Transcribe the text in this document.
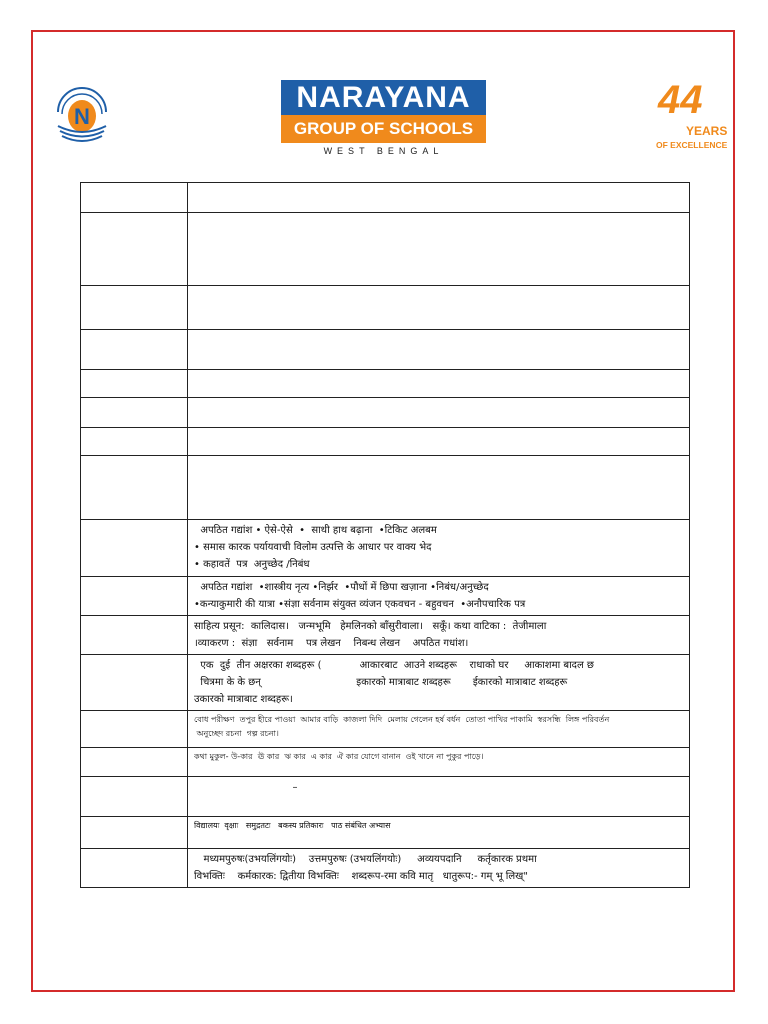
N
NARAYANA
GROUP OF SCHOOLS
WEST BENGAL
44
YEARS
OF EXCELLENCE

	अपठित गद्यांश • ऐसे-ऐसे  •  साथी हाथ बढ़ाना  •टिकिट अलबम
• समास कारक पर्यायवाची विलोम उत्पत्ति के आधार पर वाक्य भेद
• कहावतें  पत्र  अनुच्छेद /निबंध

	अपठित गद्यांश  •शास्त्रीय नृत्य •निर्झर  •पौधों में छिपा खज़ाना •निबंध/अनुच्छेद
•कन्याकुमारी की यात्रा •संज्ञा सर्वनाम संयुक्त व्यंजन एकवचन - बहुवचन  •अनौपचारिक पत्र

	साहित्य प्रसून:  कालिदास।   जन्मभूमि   हेमलिनको बाँसुरीवाला।   सकूँ। कथा वाटिका :  तेजीमाला
।व्याकरण :  संज्ञा   सर्वनाम    पत्र लेखन    निबन्ध लेखन    अपठित गधांश।

	एक  दुई  तीन अक्षरका शब्दहरू (            आकारबाट  आउने शब्दहरू    राधाको घर     आकाशमा बादल छ
चित्रमा के के छन्                              इकारको मात्राबाट शब्दहरू       ईकारको मात्राबाट शब्दहरू
उकारको मात्राबाट शब्दहरू।

	বোধ পরীক্ষণ  তপুর হীরে পাওয়া  আমার বাড়ি  কাজলা দিদি  মেলায় গেলেন হর্ষ বর্ধন  তোতা পাখির পাকামি  স্বরসন্ধি  লিঙ্গ পরিবর্তন
অনুচ্ছেদ রচনা  গল্প রচনা।

	কথা মুকুল- উ-কার  ঊ কার  ঋ কার  এ কার  ঐ কার যোগে বানান  ওই খানে না পুকুর পাড়ে।

	–

	विद्यालयः  वृक्षाः   समुद्रतटः   बकस्य प्रतिकारः   पाठ संबंधित अभ्यास

	मध्यमपुरुषः(उभयलिंगयोः)    उत्तमपुरुषः (उभयलिंगयोः)     अव्ययपदानि     कर्तृकारक प्रथमा
विभक्तिः    कर्मकारक: द्वितीया विभक्तिः    शब्दरूप-रमा कवि मातृ   धातुरूप:- गम् भू लिख्"
